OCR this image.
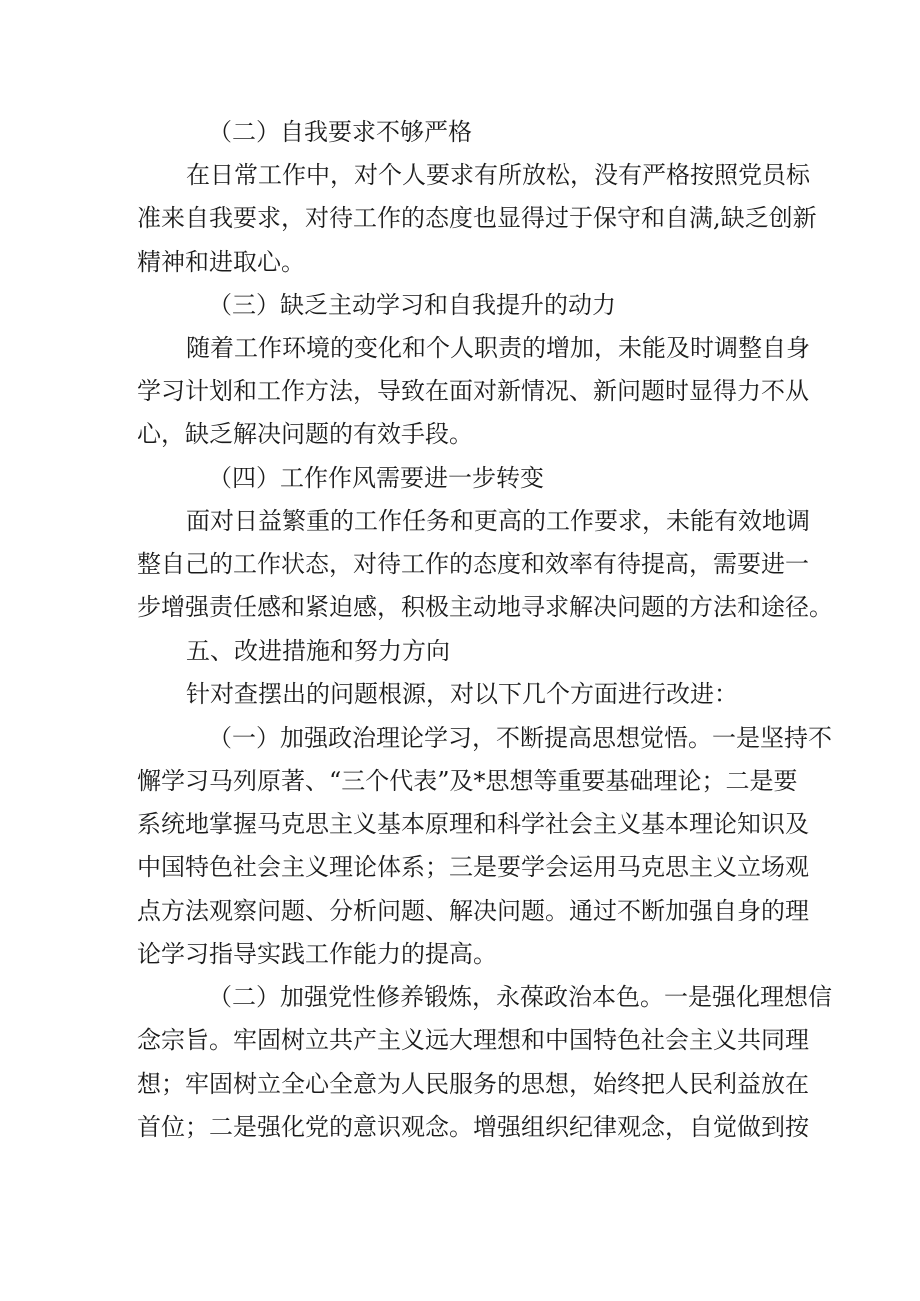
（二）自我要求不够严格
在日常工作中，对个人要求有所放松，没有严格按照党员标
准来自我要求，对待工作的态度也显得过于保守和自满,缺乏创新
精神和进取心。
（三）缺乏主动学习和自我提升的动力
随着工作环境的变化和个人职责的增加，未能及时调整自身
学习计划和工作方法，导致在面对新情况、新问题时显得力不从
心，缺乏解决问题的有效手段。
（四）工作作风需要进一步转变
面对日益繁重的工作任务和更高的工作要求，未能有效地调
整自己的工作状态，对待工作的态度和效率有待提高，需要进一
步增强责任感和紧迫感，积极主动地寻求解决问题的方法和途径。
五、改进措施和努力方向
针对查摆出的问题根源，对以下几个方面进行改进：
（一）加强政治理论学习，不断提高思想觉悟。一是坚持不
懈学习马列原著、“三个代表”及*思想等重要基础理论；二是要
系统地掌握马克思主义基本原理和科学社会主义基本理论知识及
中国特色社会主义理论体系；三是要学会运用马克思主义立场观
点方法观察问题、分析问题、解决问题。通过不断加强自身的理
论学习指导实践工作能力的提高。
（二）加强党性修养锻炼，永葆政治本色。一是强化理想信
念宗旨。牢固树立共产主义远大理想和中国特色社会主义共同理
想；牢固树立全心全意为人民服务的思想，始终把人民利益放在
首位；二是强化党的意识观念。增强组织纪律观念，自觉做到按
